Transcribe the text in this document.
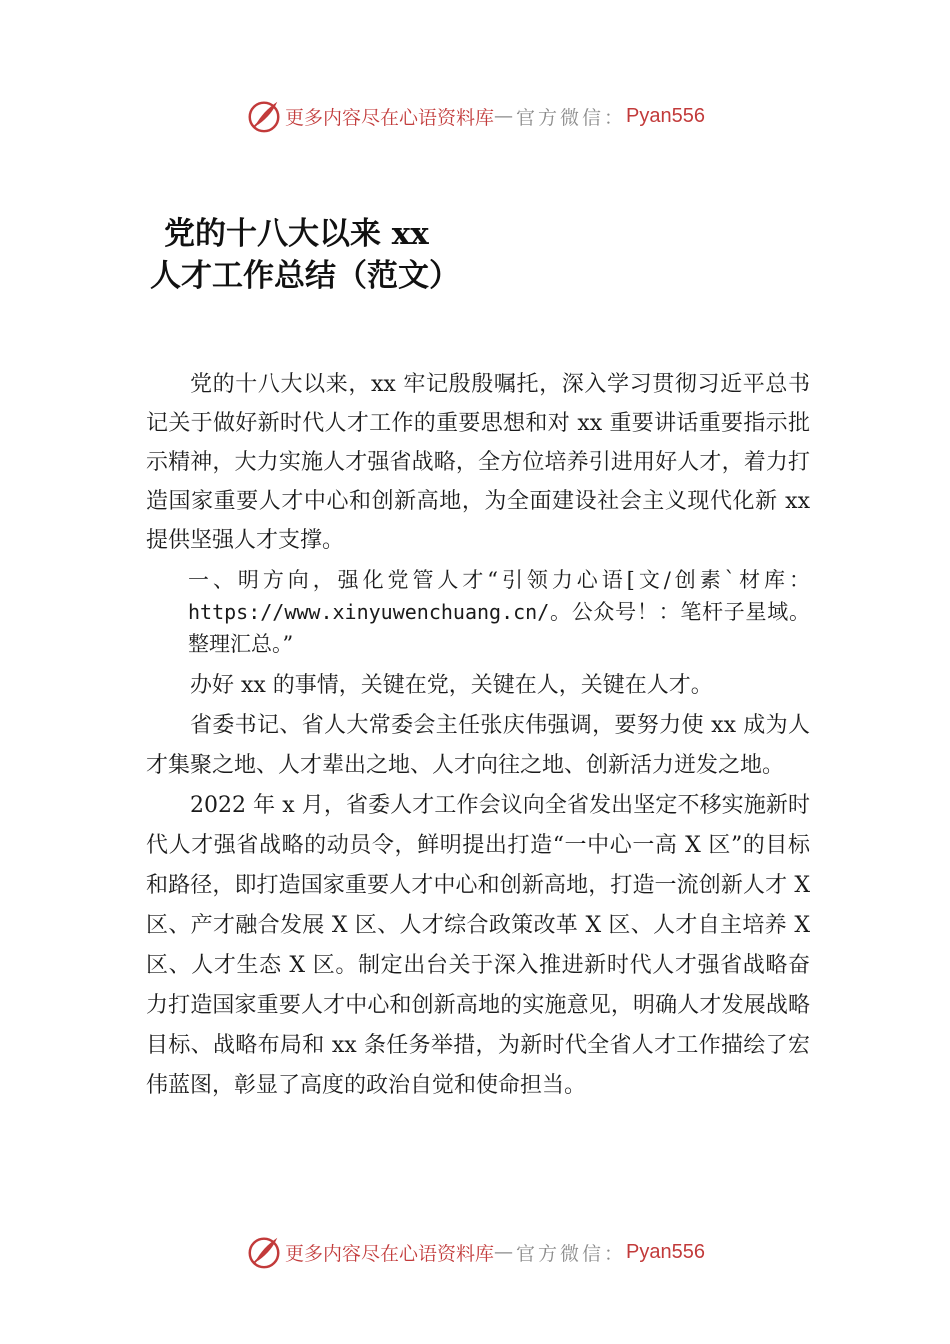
更多内容尽在心语资料库 — 官方微信： Pyan556
党的十八大以来 xx
人才工作总结（范文）

党的十八大以来，xx 牢记殷殷嘱托，深入学习贯彻习近平总书记关于做好新时代人才工作的重要思想和对 xx 重要讲话重要指示批示精神，大力实施人才强省战略，全方位培养引进用好人才，着力打造国家重要人才中心和创新高地，为全面建设社会主义现代化新 xx 提供坚强人才支撑。

一、明方向，强化党管人才“引领力心语[文/创素`材库：https://www.xinyuwenchuang.cn/。公众号！：笔杆子星域。整理汇总。”

办好 xx 的事情，关键在党，关键在人，关键在人才。

省委书记、省人大常委会主任张庆伟强调，要努力使 xx 成为人才集聚之地、人才辈出之地、人才向往之地、创新活力迸发之地。

2022 年 x 月，省委人才工作会议向全省发出坚定不移实施新时代人才强省战略的动员令，鲜明提出打造“一中心一高 X 区”的目标和路径，即打造国家重要人才中心和创新高地，打造一流创新人才 X 区、产才融合发展 X 区、人才综合政策改革 X 区、人才自主培养 X 区、人才生态 X 区。制定出台关于深入推进新时代人才强省战略奋力打造国家重要人才中心和创新高地的实施意见，明确人才发展战略目标、战略布局和 xx 条任务举措，为新时代全省人才工作描绘了宏伟蓝图，彰显了高度的政治自觉和使命担当。

更多内容尽在心语资料库 — 官方微信： Pyan556
